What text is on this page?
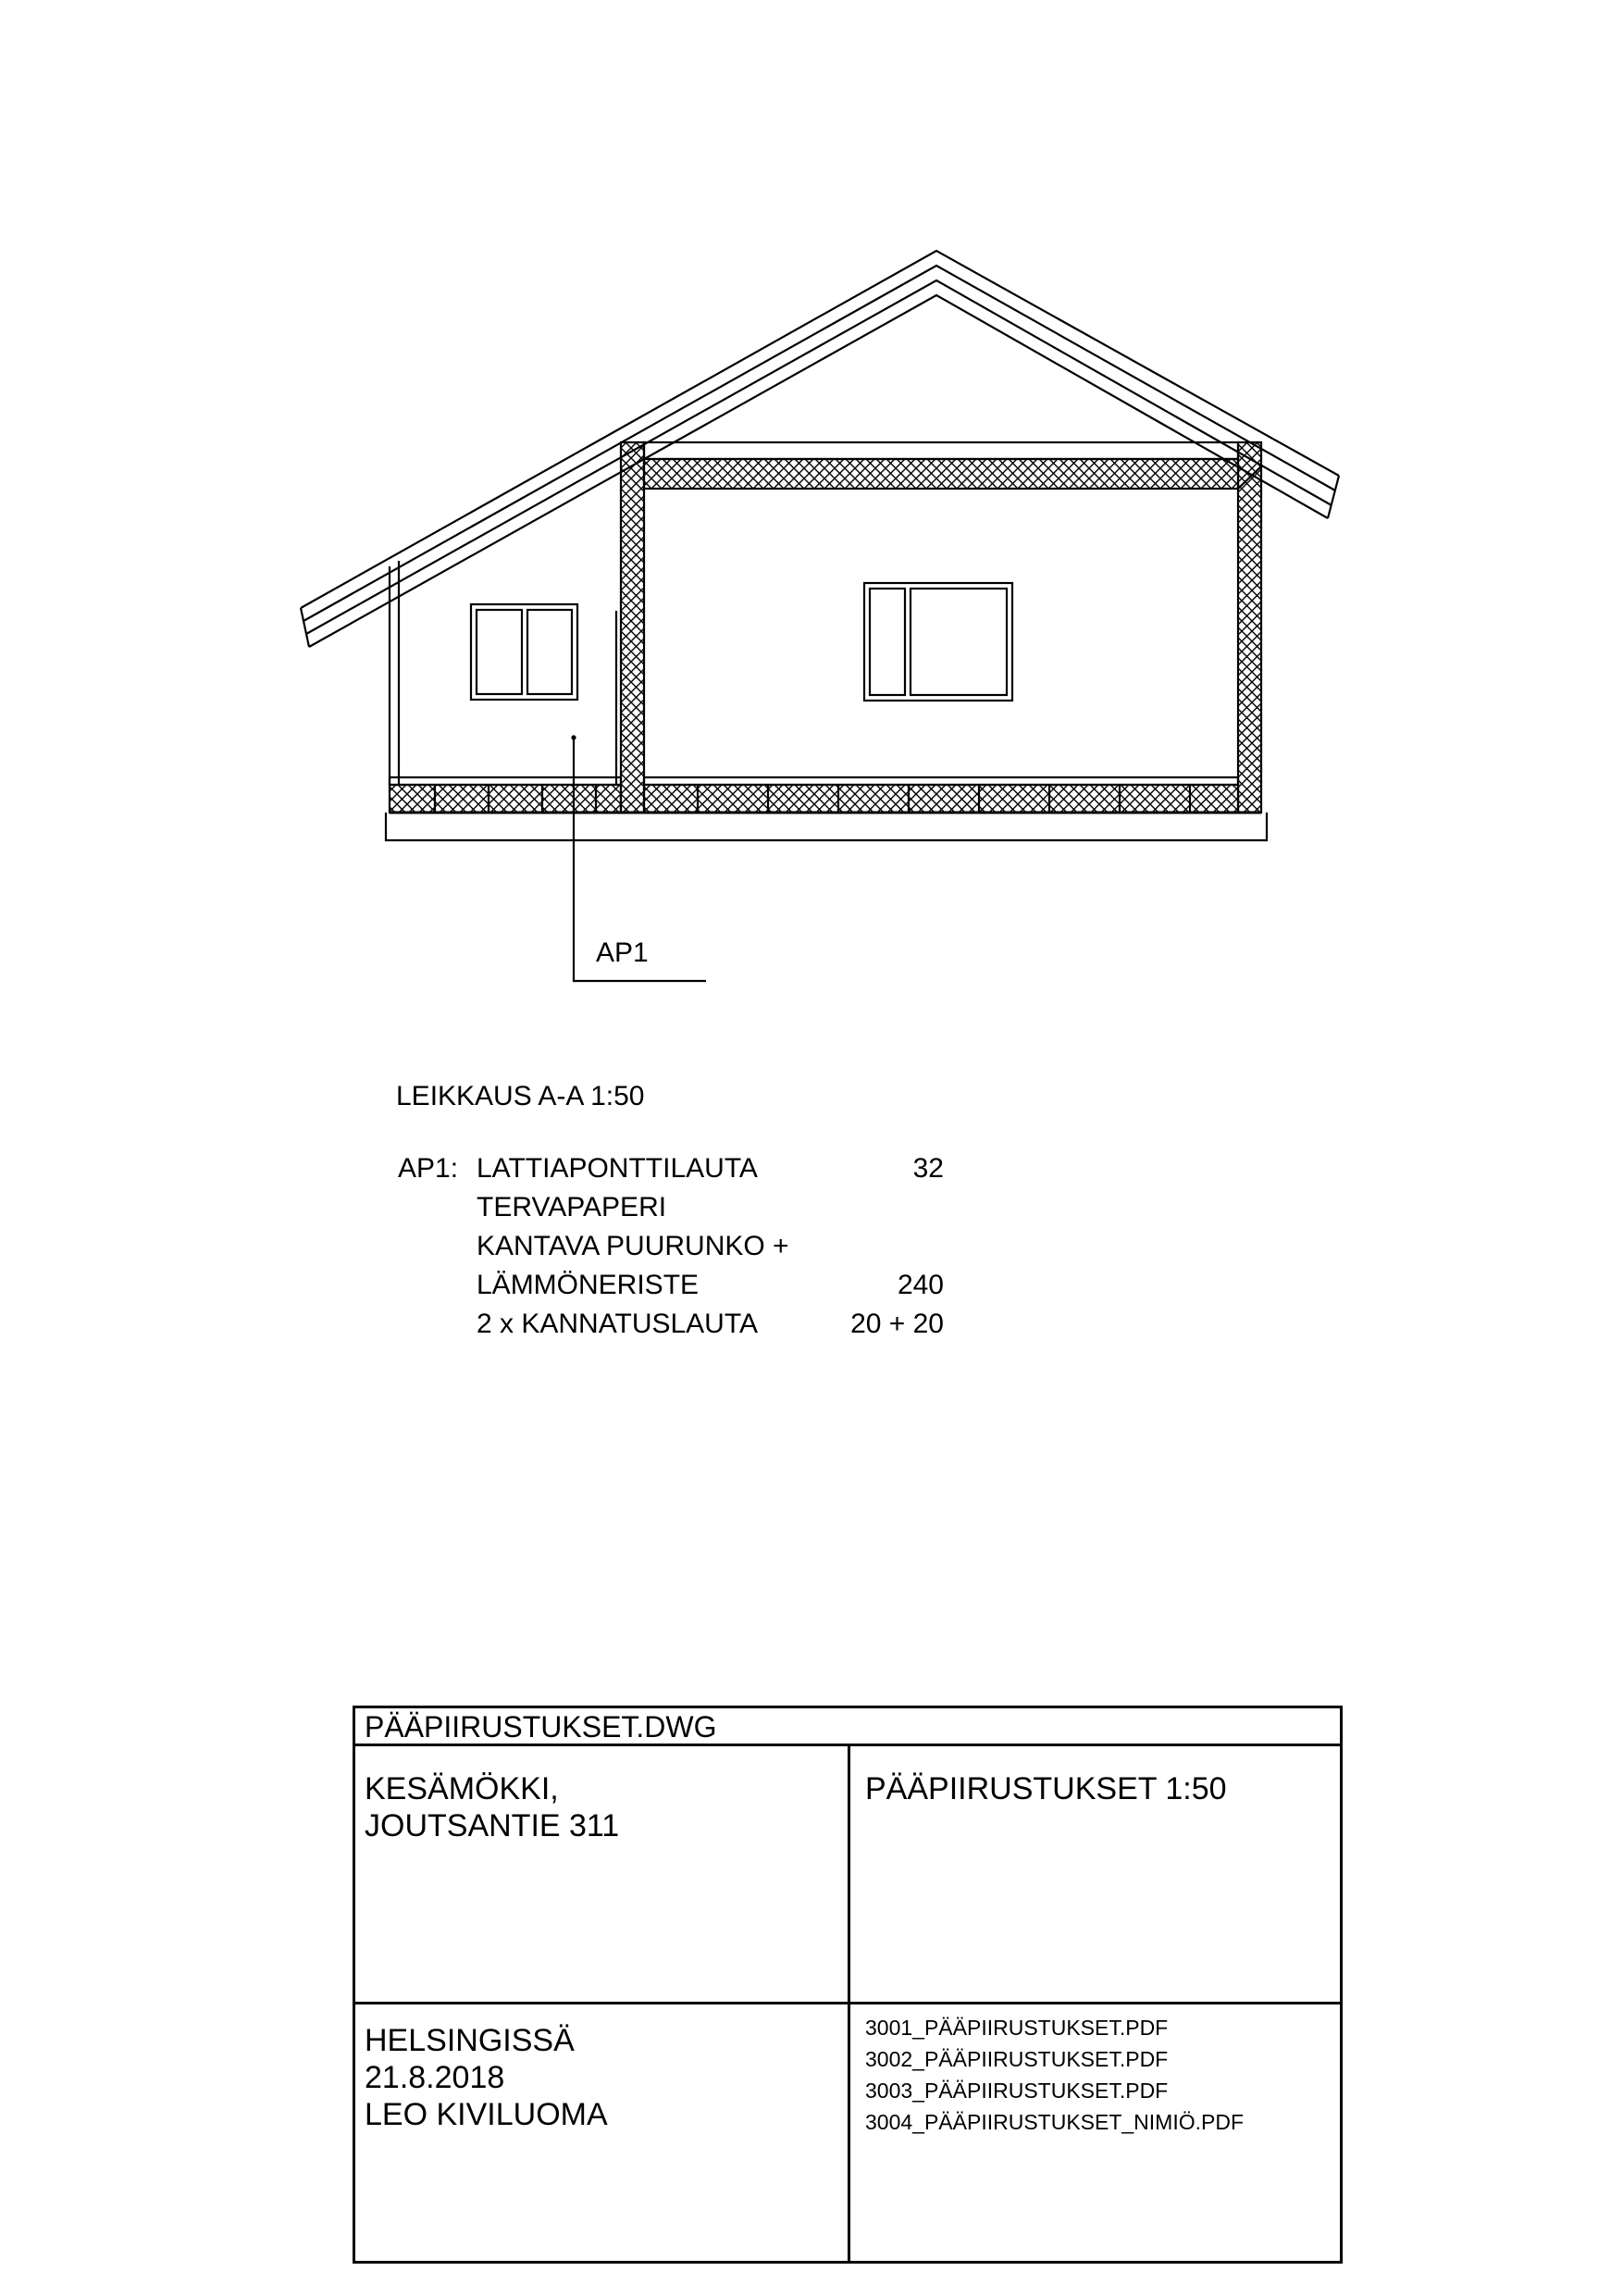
AP1
LEIKKAUS A-A 1:50
AP1: LATTIAPONTTILAUTA	32
TERVAPAPERI
KANTAVA PUURUNKO +
LÄMMÖNERISTE	240
2 x KANNATUSLAUTA	20 + 20
PÄÄPIIRUSTUKSET.DWG
KESÄMÖKKI,
JOUTSANTIE 311
PÄÄPIIRUSTUKSET 1:50
HELSINGISSÄ
21.8.2018
LEO KIVILUOMA
3001_PÄÄPIIRUSTUKSET.PDF
3002_PÄÄPIIRUSTUKSET.PDF
3003_PÄÄPIIRUSTUKSET.PDF
3004_PÄÄPIIRUSTUKSET_NIMIÖ.PDF
